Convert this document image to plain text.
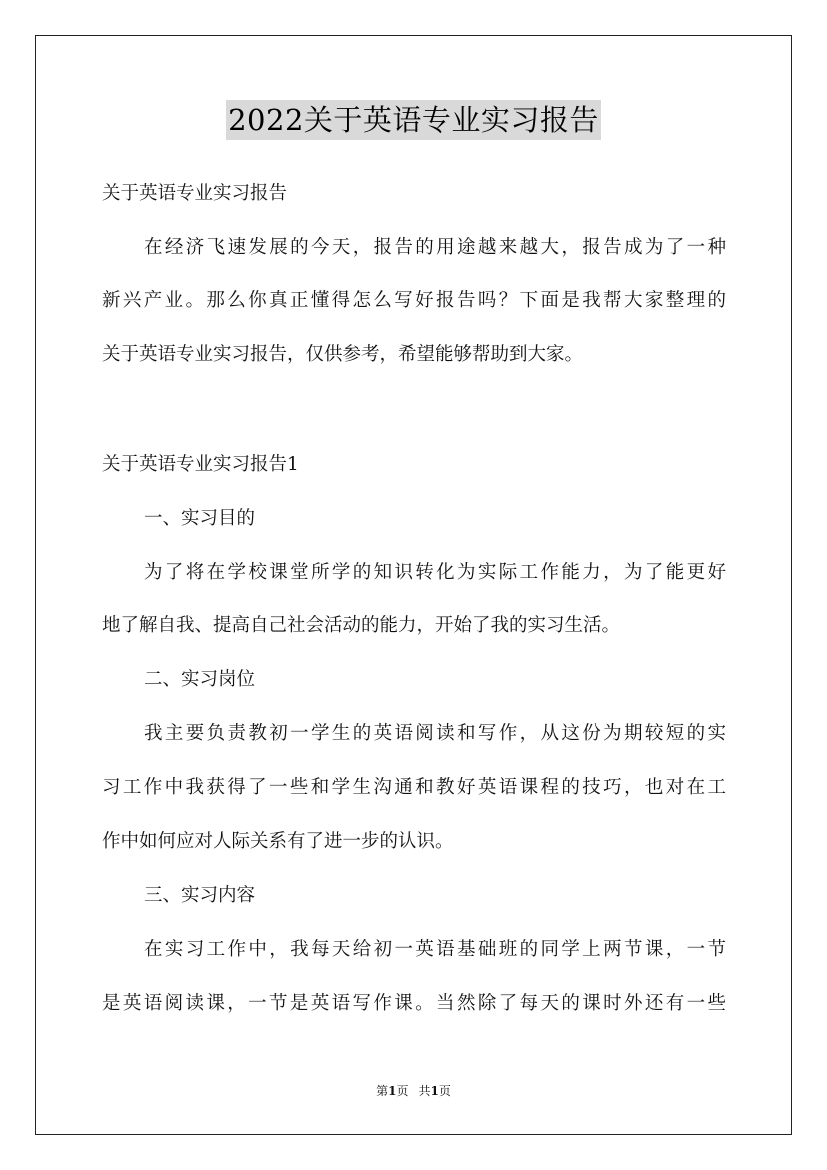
2022关于英语专业实习报告

关于英语专业实习报告

在经济飞速发展的今天，报告的用途越来越大，报告成为了一种

新兴产业。那么你真正懂得怎么写好报告吗？下面是我帮大家整理的

关于英语专业实习报告，仅供参考，希望能够帮助到大家。

关于英语专业实习报告1

一、实习目的

为了将在学校课堂所学的知识转化为实际工作能力，为了能更好

地了解自我、提高自己社会活动的能力，开始了我的实习生活。

二、实习岗位

我主要负责教初一学生的英语阅读和写作，从这份为期较短的实

习工作中我获得了一些和学生沟通和教好英语课程的技巧，也对在工

作中如何应对人际关系有了进一步的认识。

三、实习内容

在实习工作中，我每天给初一英语基础班的同学上两节课，一节

是英语阅读课，一节是英语写作课。当然除了每天的课时外还有一些

第1页 共1页
